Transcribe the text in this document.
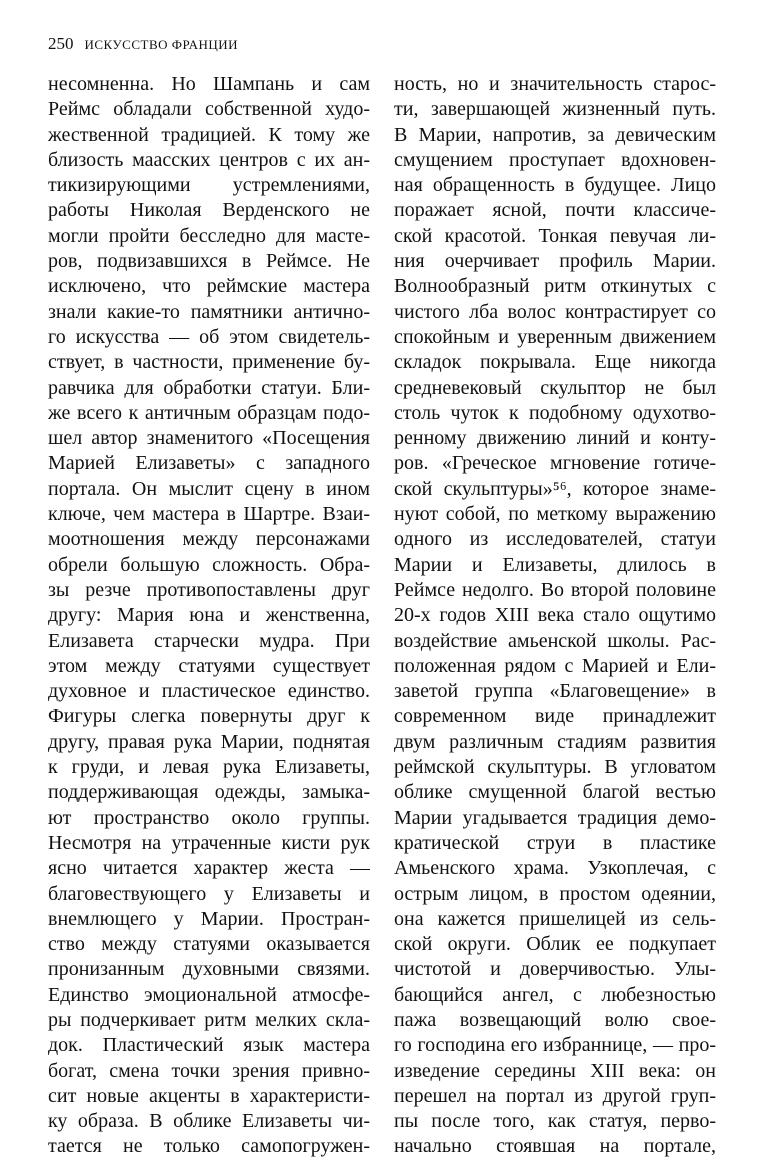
250 ИСКУССТВО ФРАНЦИИ
несомненна. Но Шампань и сам
Реймс обладали собственной худо-
жественной традицией. К тому же
близость маасских центров с их ан-
тикизирующими устремлениями,
работы Николая Верденского не
могли пройти бесследно для масте-
ров, подвизавшихся в Реймсе. Не
исключено, что реймские мастера
знали какие-то памятники антично-
го искусства — об этом свидетель-
ствует, в частности, применение бу-
равчика для обработки статуи. Бли-
же всего к античным образцам подо-
шел автор знаменитого «Посещения
Марией Елизаветы» с западного
портала. Он мыслит сцену в ином
ключе, чем мастера в Шартре. Взаи-
моотношения между персонажами
обрели большую сложность. Обра-
зы резче противопоставлены друг
другу: Мария юна и женственна,
Елизавета старчески мудра. При
этом между статуями существует
духовное и пластическое единство.
Фигуры слегка повернуты друг к
другу, правая рука Марии, поднятая
к груди, и левая рука Елизаветы,
поддерживающая одежды, замыка-
ют пространство около группы.
Несмотря на утраченные кисти рук
ясно читается характер жеста —
благовествующего у Елизаветы и
внемлющего у Марии. Простран-
ство между статуями оказывается
пронизанным духовными связями.
Единство эмоциональной атмосфе-
ры подчеркивает ритм мелких скла-
док. Пластический язык мастера
богат, смена точки зрения привно-
сит новые акценты в характеристи-
ку образа. В облике Елизаветы чи-
тается не только самопогружен-
ность, но и значительность старос-
ти, завершающей жизненный путь.
В Марии, напротив, за девическим
смущением проступает вдохновен-
ная обращенность в будущее. Лицо
поражает ясной, почти классиче-
ской красотой. Тонкая певучая ли-
ния очерчивает профиль Марии.
Волнообразный ритм откинутых с
чистого лба волос контрастирует со
спокойным и уверенным движением
складок покрывала. Еще никогда
средневековый скульптор не был
столь чуток к подобному одухотво-
ренному движению линий и конту-
ров. «Греческое мгновение готиче-
ской скульптуры»⁵⁶, которое знаме-
нуют собой, по меткому выражению
одного из исследователей, статуи
Марии и Елизаветы, длилось в
Реймсе недолго. Во второй половине
20-х годов XIII века стало ощутимо
воздействие амьенской школы. Рас-
положенная рядом с Марией и Ели-
заветой группа «Благовещение» в
современном виде принадлежит
двум различным стадиям развития
реймской скульптуры. В угловатом
облике смущенной благой вестью
Марии угадывается традиция демо-
кратической струи в пластике
Амьенского храма. Узкоплечая, с
острым лицом, в простом одеянии,
она кажется пришелицей из сель-
ской округи. Облик ее подкупает
чистотой и доверчивостью. Улы-
бающийся ангел, с любезностью
пажа возвещающий волю свое-
го господина его избраннице, — про-
изведение середины XIII века: он
перешел на портал из другой груп-
пы после того, как статуя, перво-
начально стоявшая на портале,
